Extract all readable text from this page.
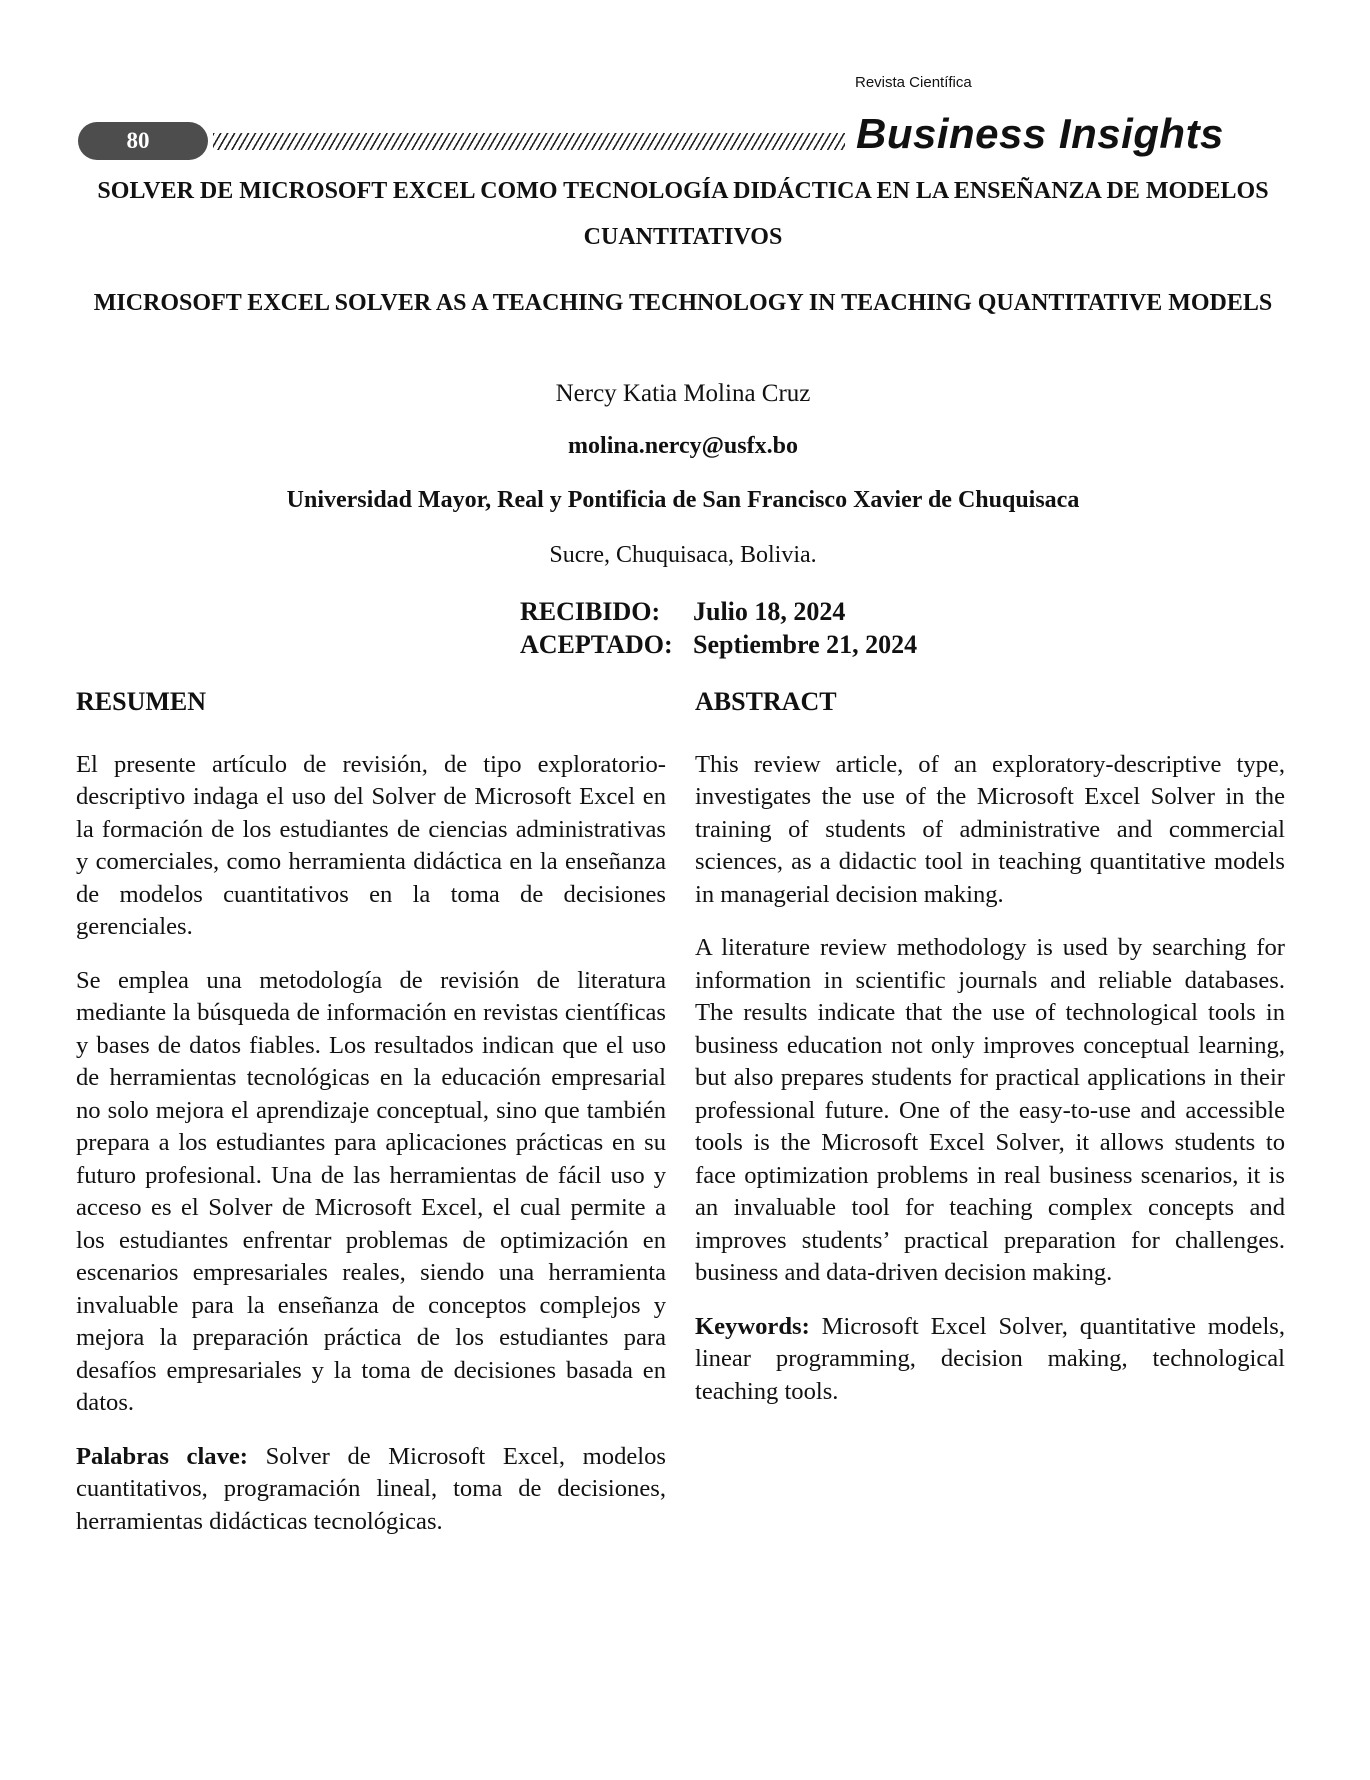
Revista Científica
80	Business Insights
SOLVER DE MICROSOFT EXCEL COMO TECNOLOGÍA DIDÁCTICA EN LA ENSEÑANZA DE MODELOS CUANTITATIVOS
MICROSOFT EXCEL SOLVER AS A TEACHING TECHNOLOGY IN TEACHING QUANTITATIVE MODELS
Nercy Katia Molina Cruz
molina.nercy@usfx.bo
Universidad Mayor, Real y Pontificia de San Francisco Xavier de Chuquisaca
Sucre, Chuquisaca, Bolivia.
RECIBIDO:	Julio 18, 2024
ACEPTADO: Septiembre 21, 2024
RESUMEN

El presente artículo de revisión, de tipo exploratorio-descriptivo indaga el uso del Solver de Microsoft Excel en la formación de los estudiantes de ciencias administrativas y comerciales, como herramienta didáctica en la enseñanza de modelos cuantitativos en la toma de decisiones gerenciales.

Se emplea una metodología de revisión de literatura mediante la búsqueda de información en revistas científicas y bases de datos fiables. Los resultados indican que el uso de herramientas tecnológicas en la educación empresarial no solo mejora el aprendizaje conceptual, sino que también prepara a los estudiantes para aplicaciones prácticas en su futuro profesional. Una de las herramientas de fácil uso y acceso es el Solver de Microsoft Excel, el cual permite a los estudiantes enfrentar problemas de optimización en escenarios empresariales reales, siendo una herramienta invaluable para la enseñanza de conceptos complejos y mejora la preparación práctica de los estudiantes para desafíos empresariales y la toma de decisiones basada en datos.

Palabras clave: Solver de Microsoft Excel, modelos cuantitativos, programación lineal, toma de decisiones, herramientas didácticas tecnológicas.

ABSTRACT

This review article, of an exploratory-descriptive type, investigates the use of the Microsoft Excel Solver in the training of students of administrative and commercial sciences, as a didactic tool in teaching quantitative models in managerial decision making.

A literature review methodology is used by searching for information in scientific journals and reliable databases. The results indicate that the use of technological tools in business education not only improves conceptual learning, but also prepares students for practical applications in their professional future. One of the easy-to-use and accessible tools is the Microsoft Excel Solver, it allows students to face optimization problems in real business scenarios, it is an invaluable tool for teaching complex concepts and improves students’ practical preparation for challenges. business and data-driven decision making.

Keywords: Microsoft Excel Solver, quantitative models, linear programming, decision making, technological teaching tools.
